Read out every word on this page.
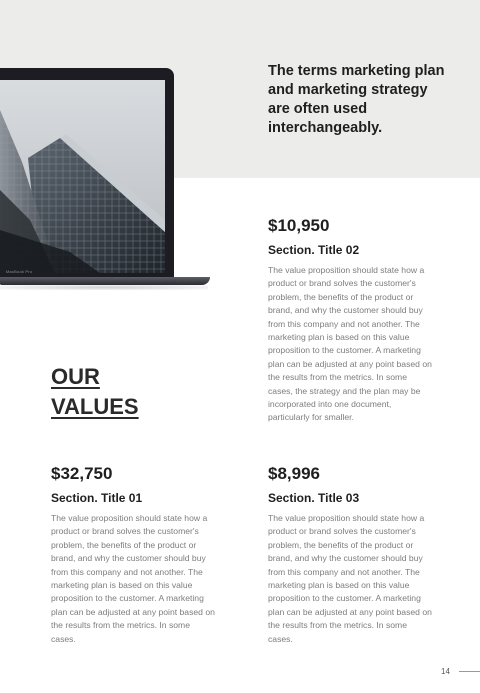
MacBook Pro
The terms marketing plan and marketing strategy are often used interchangeably.
$10,950
Section. Title 02
The value proposition should state how a product or brand solves the customer's problem, the benefits of the product or brand, and why the customer should buy from this company and not another. The marketing plan is based on this value proposition to the customer. A marketing plan can be adjusted at any point based on the results from the metrics. In some cases, the strategy and the plan may be incorporated into one document, particularly for smaller.
OUR
VALUES
$32,750
Section. Title 01
The value proposition should state how a product or brand solves the customer's problem, the benefits of the product or brand, and why the customer should buy from this company and not another. The marketing plan is based on this value proposition to the customer. A marketing plan can be adjusted at any point based on the results from the metrics. In some cases.
$8,996
Section. Title 03
The value proposition should state how a product or brand solves the customer's problem, the benefits of the product or brand, and why the customer should buy from this company and not another. The marketing plan is based on this value proposition to the customer. A marketing plan can be adjusted at any point based on the results from the metrics. In some cases.
14
